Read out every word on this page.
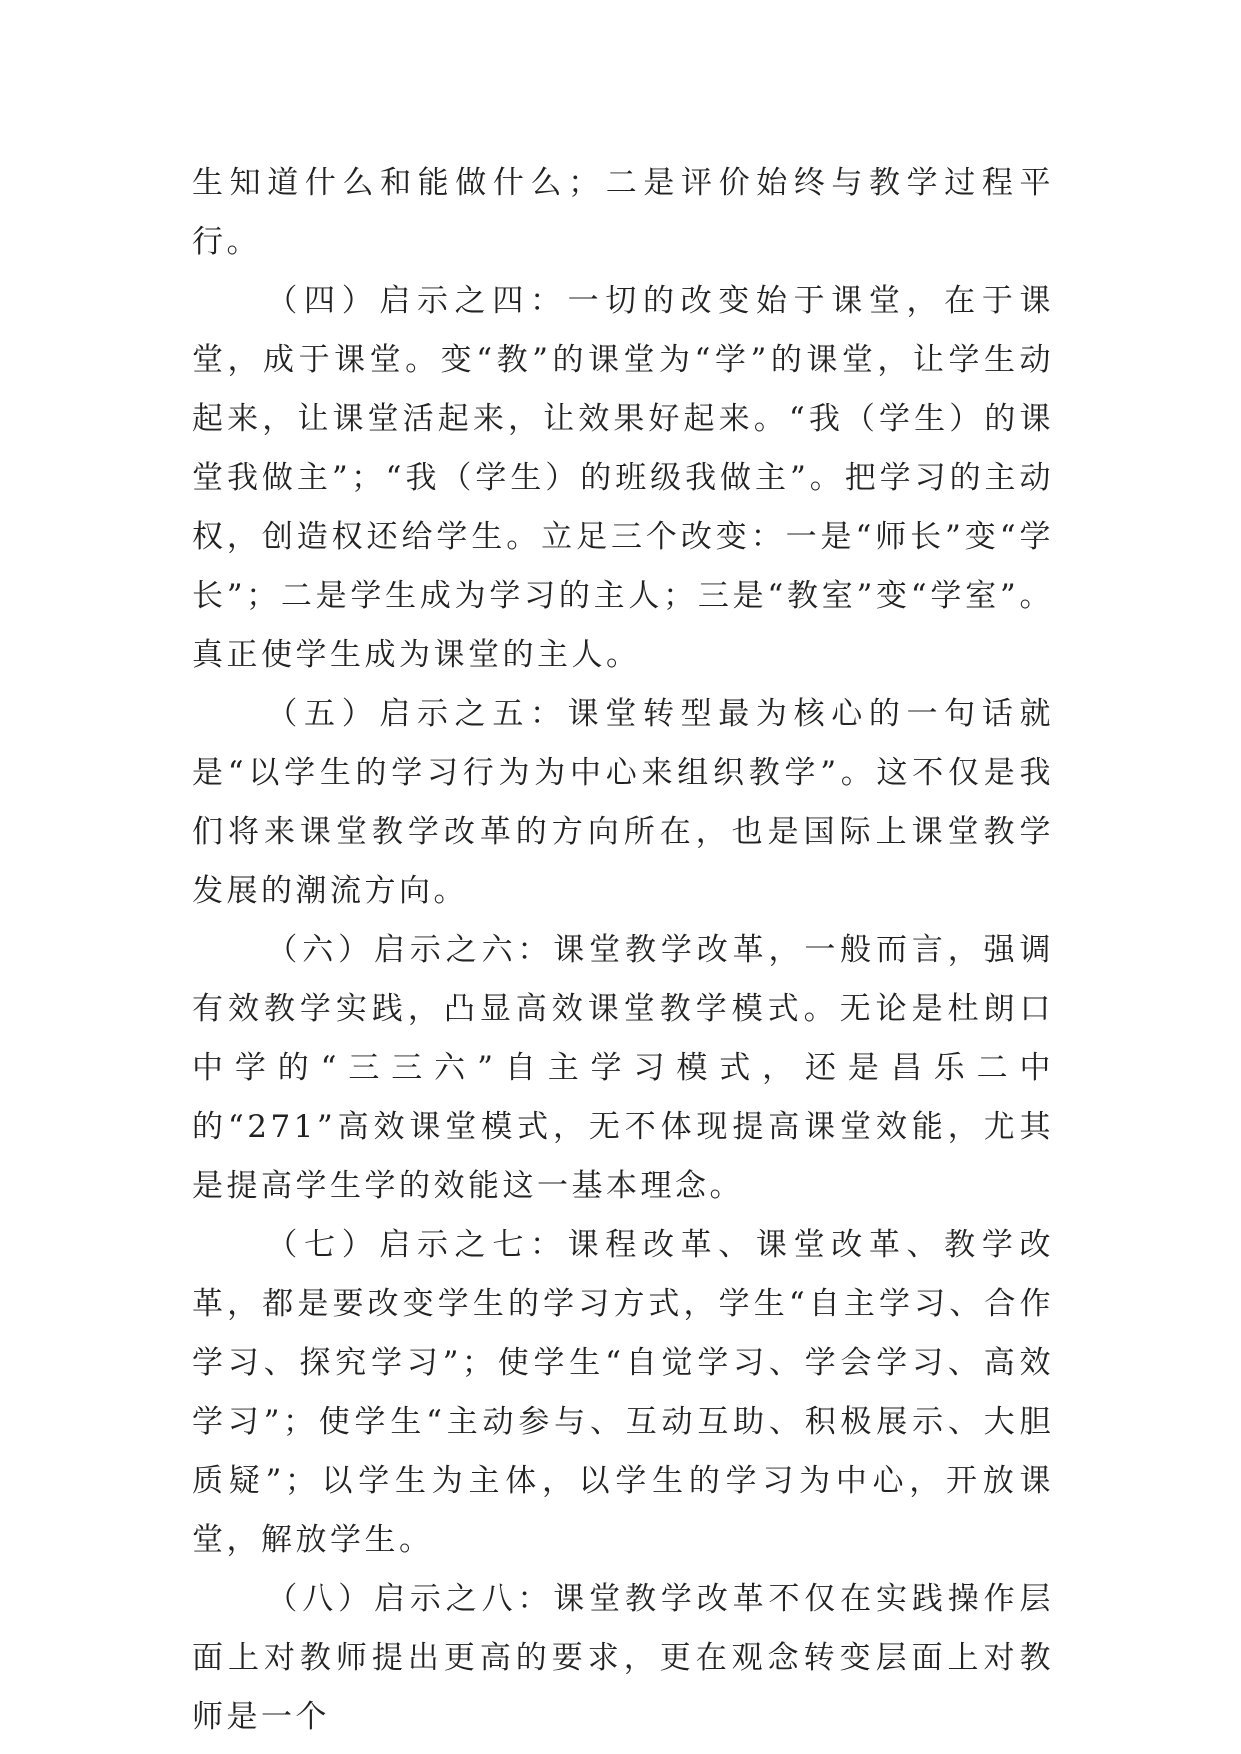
生知道什么和能做什么；二是评价始终与教学过程平行。

（四）启示之四：一切的改变始于课堂，在于课堂，成于课堂。变“教”的课堂为“学”的课堂，让学生动起来，让课堂活起来，让效果好起来。“我（学生）的课堂我做主”；“我（学生）的班级我做主”。把学习的主动权，创造权还给学生。立足三个改变：一是“师长”变“学长”；二是学生成为学习的主人；三是“教室”变“学室”。真正使学生成为课堂的主人。

（五）启示之五：课堂转型最为核心的一句话就是“以学生的学习行为为中心来组织教学”。这不仅是我们将来课堂教学改革的方向所在，也是国际上课堂教学发展的潮流方向。

（六）启示之六：课堂教学改革，一般而言，强调有效教学实践，凸显高效课堂教学模式。无论是杜朗口中学的“三三六”自主学习模式，还是昌乐二中的“271”高效课堂模式，无不体现提高课堂效能，尤其是提高学生学的效能这一基本理念。

（七）启示之七：课程改革、课堂改革、教学改革，都是要改变学生的学习方式，学生“自主学习、合作学习、探究学习”；使学生“自觉学习、学会学习、高效学习”；使学生“主动参与、互动互助、积极展示、大胆质疑”；以学生为主体，以学生的学习为中心，开放课堂，解放学生。

（八）启示之八：课堂教学改革不仅在实践操作层面上对教师提出更高的要求，更在观念转变层面上对教师是一个
